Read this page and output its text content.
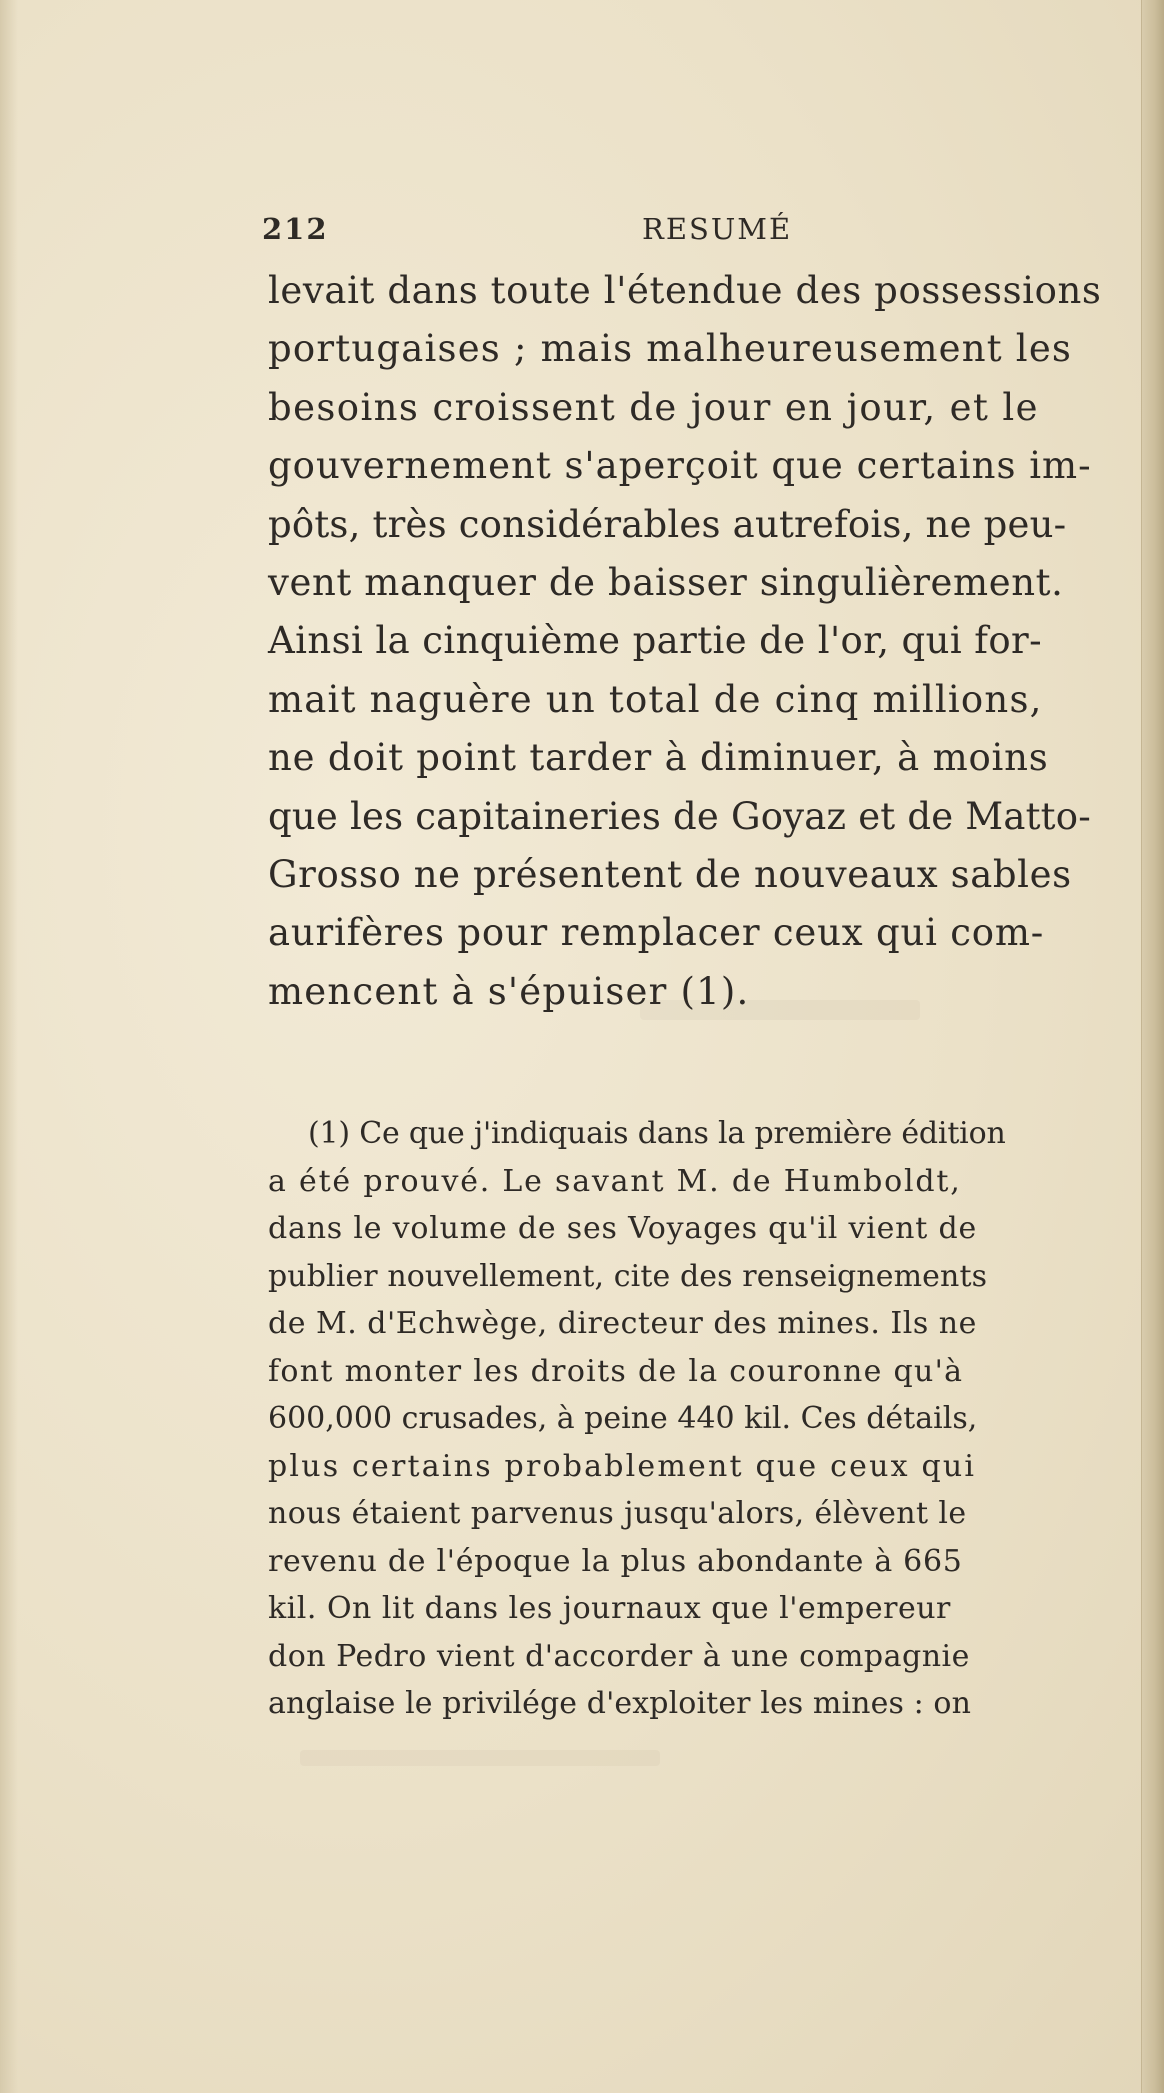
212	RESUMÉ
levait dans toute l'étendue des possessions
portugaises ; mais malheureusement les
besoins croissent de jour en jour, et le
gouvernement s'aperçoit que certains im-
pôts, très considérables autrefois, ne peu-
vent manquer de baisser singulièrement.
Ainsi la cinquième partie de l'or, qui for-
mait naguère un total de cinq millions,
ne doit point tarder à diminuer, à moins
que les capitaineries de Goyaz et de Matto-
Grosso ne présentent de nouveaux sables
aurifères pour remplacer ceux qui com-
mencent à s'épuiser (1).
(1) Ce que j'indiquais dans la première édition
a été prouvé. Le savant M. de Humboldt,
dans le volume de ses Voyages qu'il vient de
publier nouvellement, cite des renseignements
de M. d'Echwège, directeur des mines. Ils ne
font monter les droits de la couronne qu'à
600,000 crusades, à peine 440 kil. Ces détails,
plus certains probablement que ceux qui
nous étaient parvenus jusqu'alors, élèvent le
revenu de l'époque la plus abondante à 665
kil. On lit dans les journaux que l'empereur
don Pedro vient d'accorder à une compagnie
anglaise le privilége d'exploiter les mines : on
